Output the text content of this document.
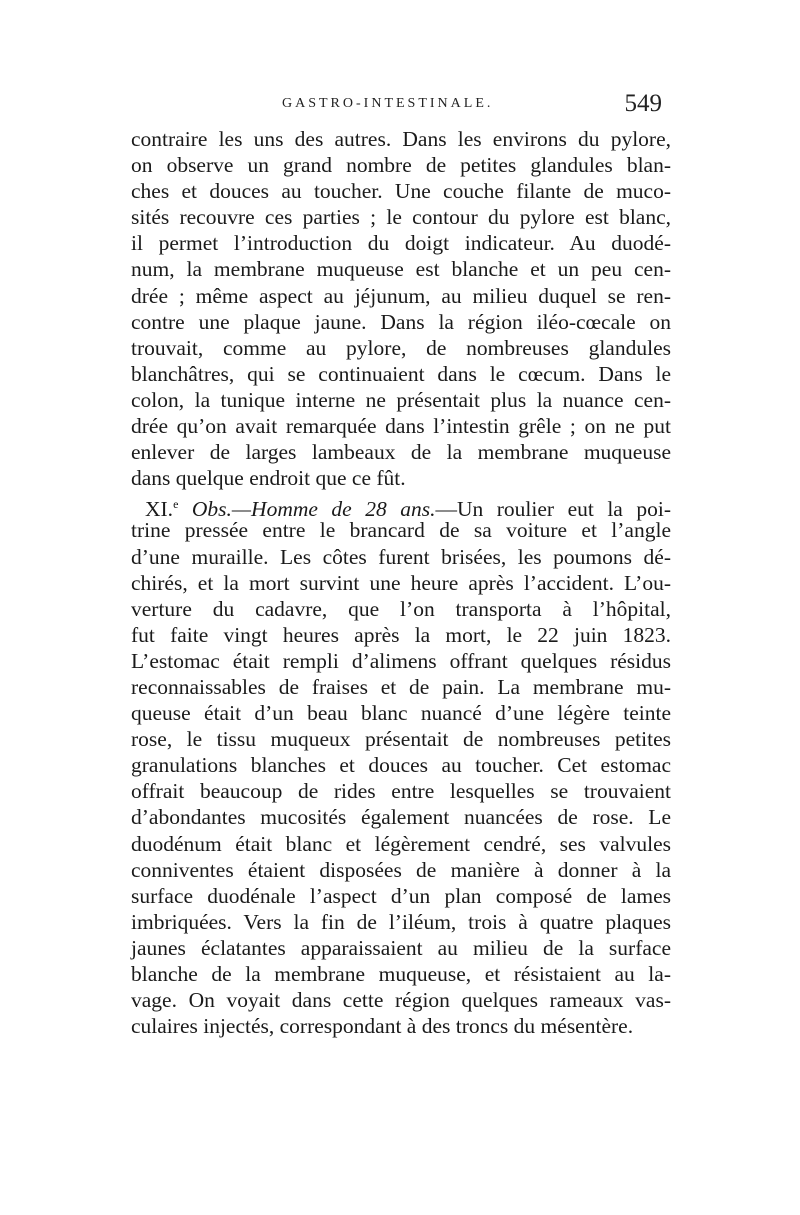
GASTRO-INTESTINALE.	549
contraire les uns des autres. Dans les environs du pylore,
on observe un grand nombre de petites glandules blan-
ches et douces au toucher. Une couche filante de muco-
sités recouvre ces parties ; le contour du pylore est blanc,
il permet l’introduction du doigt indicateur. Au duodé-
num, la membrane muqueuse est blanche et un peu cen-
drée ; même aspect au jéjunum, au milieu duquel se ren-
contre une plaque jaune. Dans la région iléo-cœcale on
trouvait, comme au pylore, de nombreuses glandules
blanchâtres, qui se continuaient dans le cœcum. Dans le
colon, la tunique interne ne présentait plus la nuance cen-
drée qu’on avait remarquée dans l’intestin grêle ; on ne put
enlever de larges lambeaux de la membrane muqueuse
dans quelque endroit que ce fût.
XI.$^e$ Obs.—Homme de 28 ans.—Un roulier eut la poi-
trine pressée entre le brancard de sa voiture et l’angle
d’une muraille. Les côtes furent brisées, les poumons dé-
chirés, et la mort survint une heure après l’accident. L’ou-
verture du cadavre, que l’on transporta à l’hôpital,
fut faite vingt heures après la mort, le 22 juin 1823.
L’estomac était rempli d’alimens offrant quelques résidus
reconnaissables de fraises et de pain. La membrane mu-
queuse était d’un beau blanc nuancé d’une légère teinte
rose, le tissu muqueux présentait de nombreuses petites
granulations blanches et douces au toucher. Cet estomac
offrait beaucoup de rides entre lesquelles se trouvaient
d’abondantes mucosités également nuancées de rose. Le
duodénum était blanc et légèrement cendré, ses valvules
conniventes étaient disposées de manière à donner à la
surface duodénale l’aspect d’un plan composé de lames
imbriquées. Vers la fin de l’iléum, trois à quatre plaques
jaunes éclatantes apparaissaient au milieu de la surface
blanche de la membrane muqueuse, et résistaient au la-
vage. On voyait dans cette région quelques rameaux vas-
culaires injectés, correspondant à des troncs du mésentère.
